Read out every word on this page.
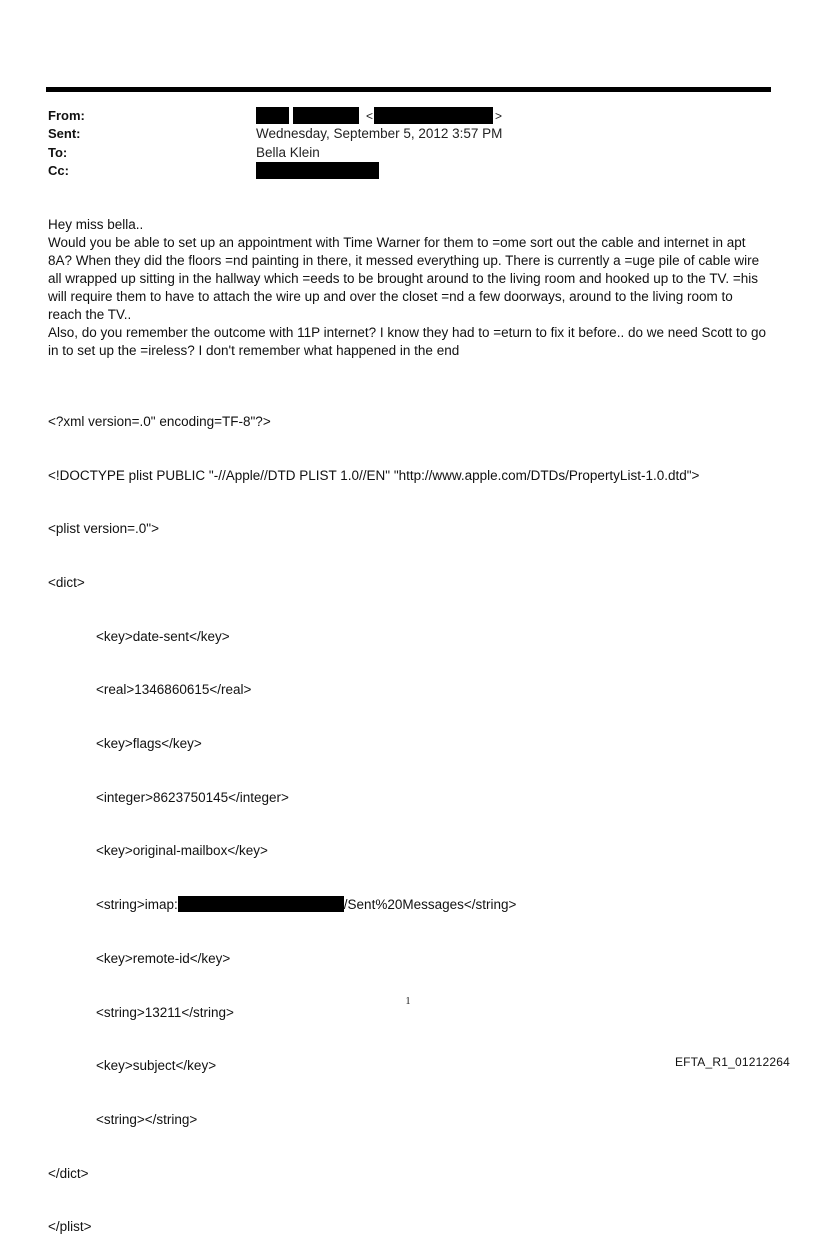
From:	<	>
Sent:	Wednesday, September 5, 2012 3:57 PM
To:	Bella Klein
Cc:

Hey miss bella..

Would you be able to set up an appointment with Time Warner for them to =ome sort out the cable and internet in apt 8A? When they did the floors =nd painting in there, it messed everything up. There is currently a =uge pile of cable wire all wrapped up sitting in the hallway which =eeds to be brought around to the living room and hooked up to the TV. =his will require them to have to attach the wire up and over the closet =nd a few doorways, around to the living room to reach the TV..

Also, do you remember the outcome with 11P internet? I know they had to =eturn to fix it before.. do we need Scott to go in to set up the =ireless? I don't remember what happened in the end

<?xml version=.0" encoding=TF-8"?>

<!DOCTYPE plist PUBLIC "-//Apple//DTD PLIST 1.0//EN" "http://www.apple.com/DTDs/PropertyList-1.0.dtd">

<plist version=.0">

<dict>

<key>date-sent</key>

<real>1346860615</real>

<key>flags</key>

<integer>8623750145</integer>

<key>original-mailbox</key>

<string>imap:	/Sent%20Messages</string>

<key>remote-id</key>

<string>13211</string>

<key>subject</key>

<string></string>

</dict>

</plist>

1
EFTA_R1_01212264
